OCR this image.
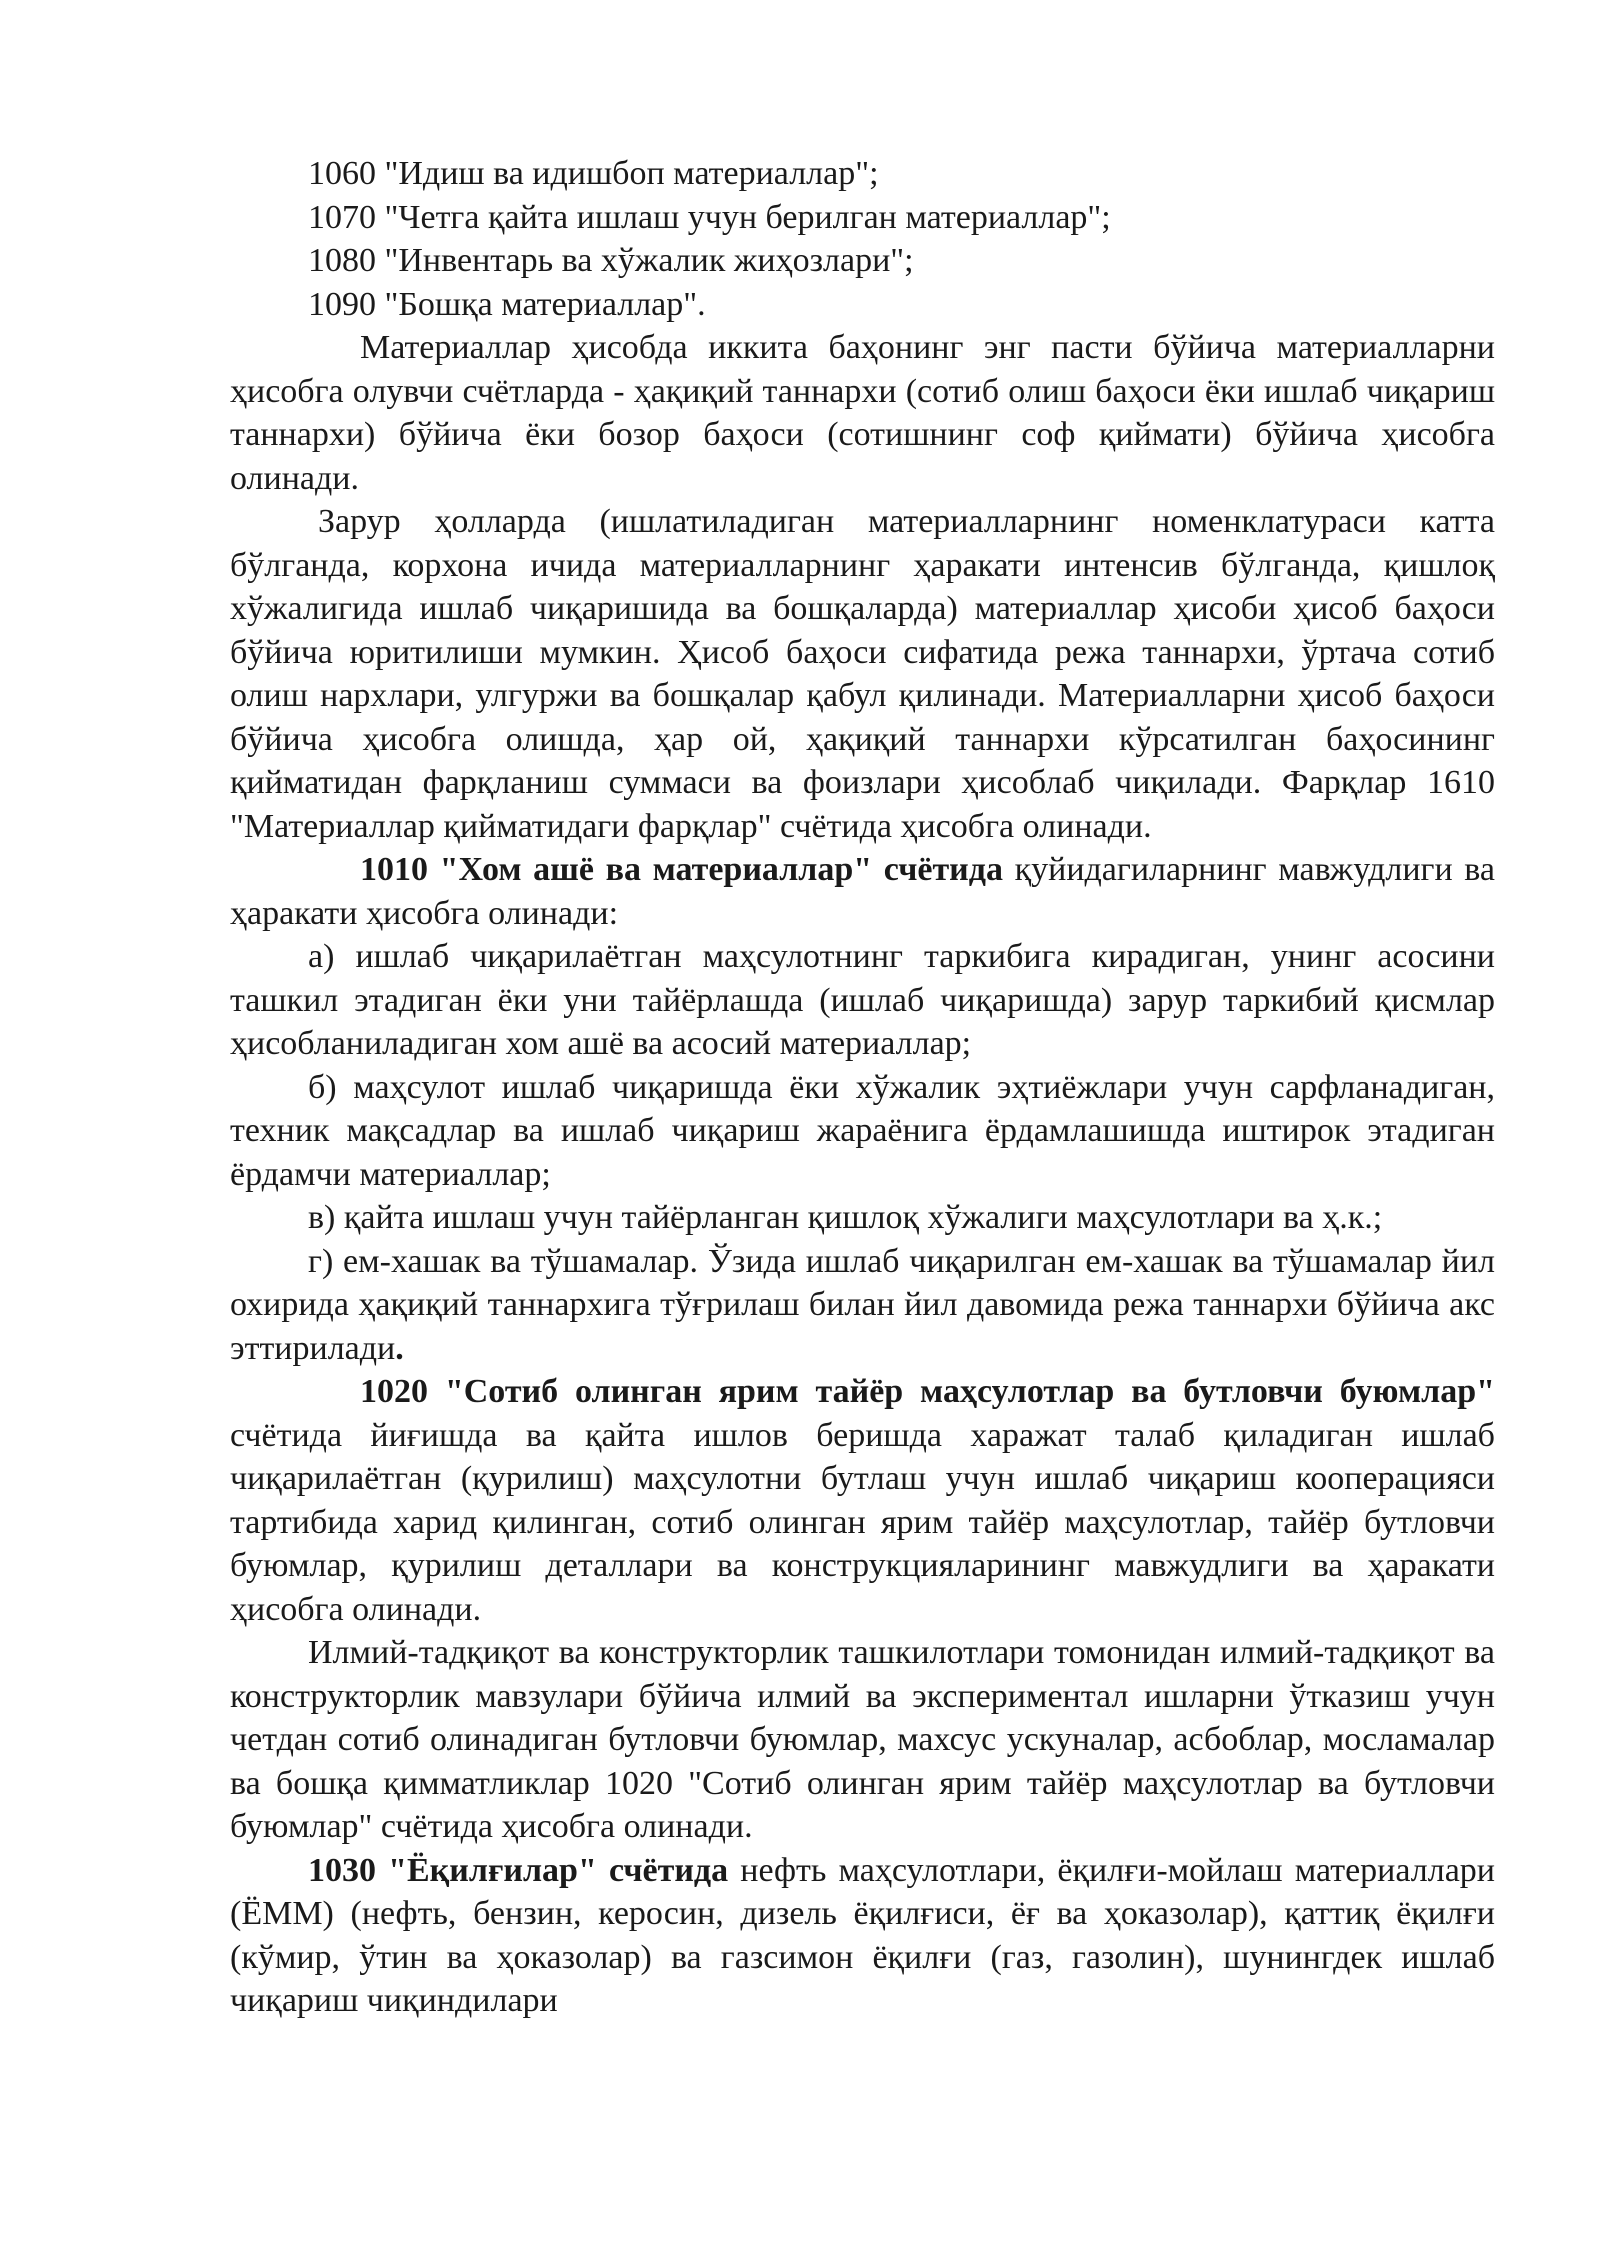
1060 "Идиш ва идишбоп материаллар";
1070 "Четга қайта ишлаш учун берилган материаллар";
1080 "Инвентарь ва хўжалик жиҳозлари";
1090 "Бошқа материаллар".

Материаллар ҳисобда иккита баҳонинг энг пасти бўйича материалларни ҳисобга олувчи счётларда - ҳақиқий таннархи (сотиб олиш баҳоси ёки ишлаб чиқариш таннархи) бўйича ёки бозор баҳоси (сотишнинг соф қиймати) бўйича ҳисобга олинади.

Зарур ҳолларда (ишлатиладиган материалларнинг номенклатураси катта бўлганда, корхона ичида материалларнинг ҳаракати интенсив бўлганда, қишлоқ хўжалигида ишлаб чиқаришида ва бошқаларда) материаллар ҳисоби ҳисоб баҳоси бўйича юритилиши мумкин. Ҳисоб баҳоси сифатида режа таннархи, ўртача сотиб олиш нархлари, улгуржи ва бошқалар қабул қилинади. Материалларни ҳисоб баҳоси бўйича ҳисобга олишда, ҳар ой, ҳақиқий таннархи кўрсатилган баҳосининг қийматидан фарқланиш суммаси ва фоизлари ҳисоблаб чиқилади. Фарқлар 1610 "Материаллар қийматидаги фарқлар" счётида ҳисобга олинади.

1010 "Хом ашё ва материаллар" счётида қуйидагиларнинг мавжудлиги ва ҳаракати ҳисобга олинади:

а) ишлаб чиқарилаётган маҳсулотнинг таркибига кирадиган, унинг асосини ташкил этадиган ёки уни тайёрлашда (ишлаб чиқаришда) зарур таркибий қисмлар ҳисобланиладиган хом ашё ва асосий материаллар;

б) маҳсулот ишлаб чиқаришда ёки хўжалик эҳтиёжлари учун сарфланадиган, техник мақсадлар ва ишлаб чиқариш жараёнига ёрдамлашишда иштирок этадиган ёрдамчи материаллар;

в) қайта ишлаш учун тайёрланган қишлоқ хўжалиги маҳсулотлари ва ҳ.к.;

г) ем-хашак ва тўшамалар. Ўзида ишлаб чиқарилган ем-хашак ва тўшамалар йил охирида ҳақиқий таннархига тўғрилаш билан йил давомида режа таннархи бўйича акс эттирилади.

1020 "Сотиб олинган ярим тайёр маҳсулотлар ва бутловчи буюмлар" счётида йиғишда ва қайта ишлов беришда харажат талаб қиладиган ишлаб чиқарилаётган (қурилиш) маҳсулотни бутлаш учун ишлаб чиқариш кооперацияси тартибида харид қилинган, сотиб олинган ярим тайёр маҳсулотлар, тайёр бутловчи буюмлар, қурилиш деталлари ва конструкцияларининг мавжудлиги ва ҳаракати ҳисобга олинади.

Илмий-тадқиқот ва конструкторлик ташкилотлари томонидан илмий-тадқиқот ва конструкторлик мавзулари бўйича илмий ва экспериментал ишларни ўтказиш учун четдан сотиб олинадиган бутловчи буюмлар, махсус ускуналар, асбоблар, мосламалар ва бошқа қимматликлар 1020 "Сотиб олинган ярим тайёр маҳсулотлар ва бутловчи буюмлар" счётида ҳисобга олинади.

1030 "Ёқилғилар" счётида нефть маҳсулотлари, ёқилғи-мойлаш материаллари (ЁММ) (нефть, бензин, керосин, дизель ёқилғиси, ёғ ва ҳоказолар), қаттиқ ёқилғи (кўмир, ўтин ва ҳоказолар) ва газсимон ёқилғи (газ, газолин), шунингдек ишлаб чиқариш чиқиндилари
